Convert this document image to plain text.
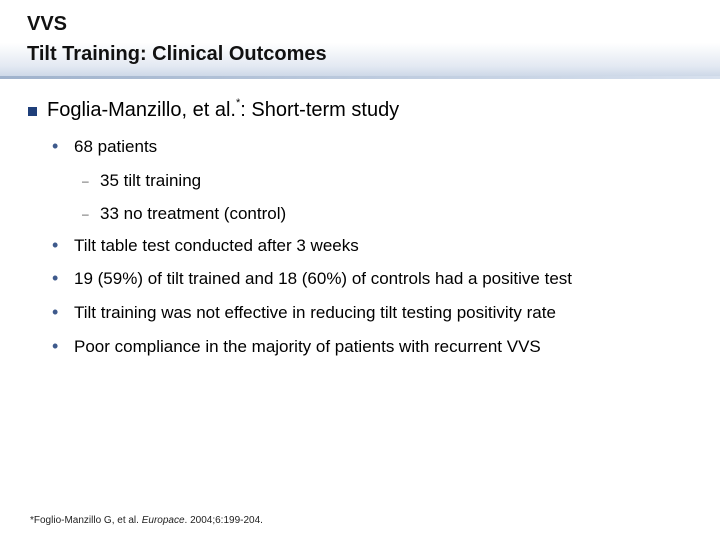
VVS
Tilt Training: Clinical Outcomes
Foglia-Manzillo, et al.*: Short-term study
• 68 patients
– 35 tilt training
– 33 no treatment (control)
• Tilt table test conducted after 3 weeks
• 19 (59%) of tilt trained and 18 (60%) of controls had a positive test
• Tilt training was not effective in reducing tilt testing positivity rate
• Poor compliance in the majority of patients with recurrent VVS
*Foglio-Manzillo G, et al. Europace. 2004;6:199-204.
